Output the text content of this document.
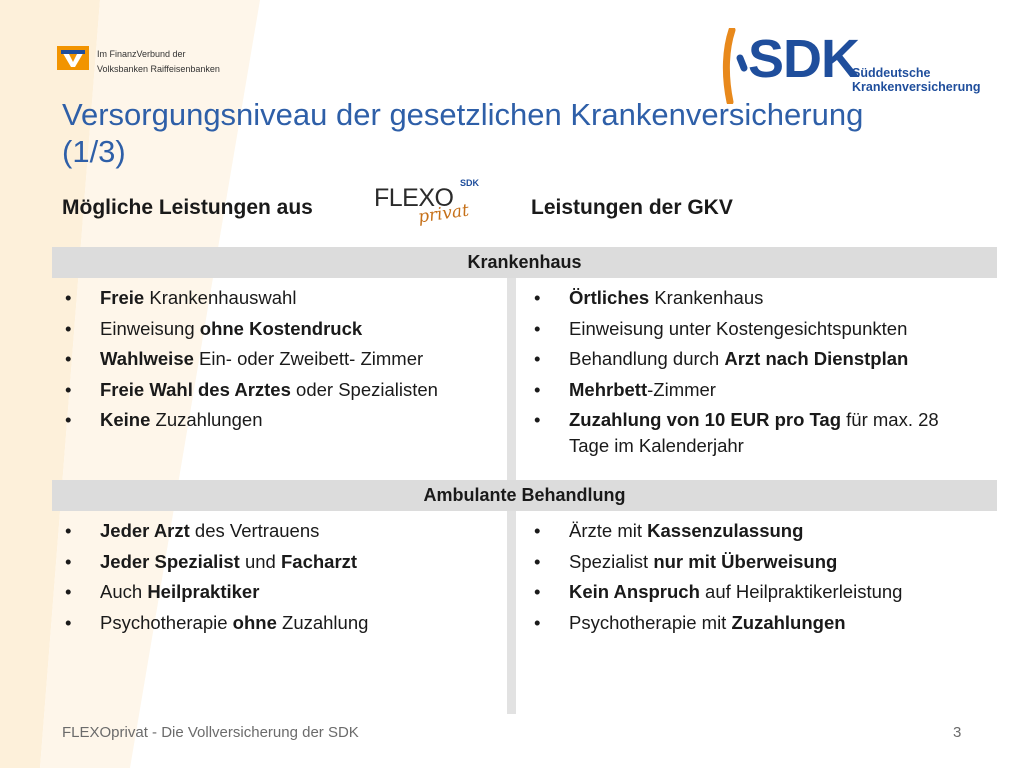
Im FinanzVerbund der
Volksbanken Raiffeisenbanken	SDK
Süddeutsche
Krankenversicherung
Versorgungsniveau der gesetzlichen Krankenversicherung
(1/3)
Mögliche Leistungen aus FLEXO
SDK
privat	Leistungen der GKV
Krankenhaus
Ambulante Behandlung
• Freie Krankenhauswahl
• Einweisung ohne Kostendruck
• Wahlweise Ein- oder Zweibett- Zimmer
• Freie Wahl des Arztes oder Spezialisten
• Keine Zuzahlungen
• Örtliches Krankenhaus
• Einweisung unter Kostengesichtspunkten
• Behandlung durch Arzt nach Dienstplan
• Mehrbett-Zimmer
• Zuzahlung von 10 EUR pro Tag für max. 28 Tage im Kalenderjahr
• Jeder Arzt des Vertrauens
• Jeder Spezialist und Facharzt
• Auch Heilpraktiker
• Psychotherapie ohne Zuzahlung
• Ärzte mit Kassenzulassung
• Spezialist nur mit Überweisung
• Kein Anspruch auf Heilpraktikerleistung
• Psychotherapie mit Zuzahlungen
FLEXOprivat - Die Vollversicherung der SDK	3
